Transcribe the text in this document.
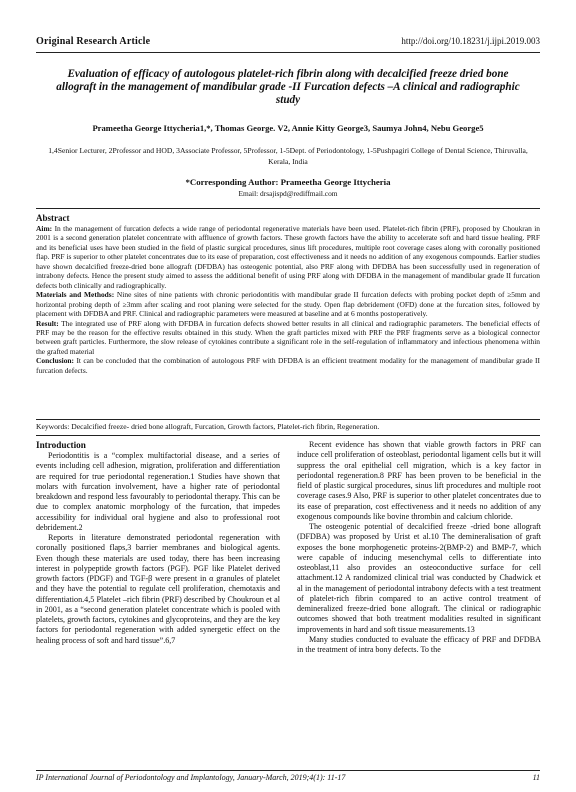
Original Research Article	http://doi.org/10.18231/j.ijpi.2019.003
Evaluation of efficacy of autologous platelet-rich fibrin along with decalcified freeze dried bone allograft in the management of mandibular grade -II Furcation defects –A clinical and radiographic study
Prameetha George Ittycheria1,*, Thomas George. V2, Annie Kitty George3, Saumya John4, Nebu George5
1,4Senior Lecturer, 2Professor and HOD, 3Associate Professor, 5Professor, 1-5Dept. of Periodontology, 1-5Pushpagiri College of Dental Science, Thiruvalla, Kerala, India
*Corresponding Author: Prameetha George Ittycheria
Email: drsajispd@rediffmail.com
Abstract

Aim: In the management of furcation defects a wide range of periodontal regenerative materials have been used. Platelet-rich fibrin (PRF), proposed by Choukran in 2001 is a second generation platelet concentrate with affluence of growth factors. These growth factors have the ability to accelerate soft and hard tissue healing. PRF and its beneficial uses have been studied in the field of plastic surgical procedures, sinus lift procedures, multiple root coverage cases along with coronally positioned flap. PRF is superior to other platelet concentrates due to its ease of preparation, cost effectiveness and it needs no addition of any exogenous compounds. Earlier studies have shown decalcified freeze-dried bone allograft (DFDBA) has osteogenic potential, also PRF along with DFDBA has been successfully used in regeneration of intrabony defects. Hence the present study aimed to assess the additional benefit of using PRF along with DFDBA in the management of mandibular grade II furcation defects both clinically and radiographically.

Materials and Methods: Nine sites of nine patients with chronic periodontitis with mandibular grade II furcation defects with probing pocket depth of ≥5mm and horizontal probing depth of ≥3mm after scaling and root planing were selected for the study. Open flap debridement (OFD) done at the furcation sites, followed by placement with DFDBA and PRF. Clinical and radiographic parameters were measured at baseline and at 6 months postoperatively.

Result: The integrated use of PRF along with DFDBA in furcation defects showed better results in all clinical and radiographic parameters. The beneficial effects of PRF may be the reason for the effective results obtained in this study. When the graft particles mixed with PRF the PRF fragments serve as a biological connector between graft particles. Furthermore, the slow release of cytokines contribute a significant role in the self-regulation of inflammatory and infectious phenomena within the grafted material

Conclusion: It can be concluded that the combination of autologous PRF with DFDBA is an efficient treatment modality for the management of mandibular grade II furcation defects.

Keywords: Decalcified freeze- dried bone allograft, Furcation, Growth factors, Platelet-rich fibrin, Regeneration.
Introduction

Periodontitis is a “complex multifactorial disease, and a series of events including cell adhesion, migration, proliferation and differentiation are required for true periodontal regeneration.1 Studies have shown that molars with furcation involvement, have a higher rate of periodontal breakdown and respond less favourably to periodontal therapy. This can be due to complex anatomic morphology of the furcation, that impedes accessibility for individual oral hygiene and also to professional root debridement.2

Reports in literature demonstrated periodontal regeneration with coronally positioned flaps,3 barrier membranes and biological agents. Even though these materials are used today, there has been increasing interest in polypeptide growth factors (PGF). PGF like Platelet derived growth factors (PDGF) and TGF-β were present in α granules of platelet and they have the potential to regulate cell proliferation, chemotaxis and differentiation.4,5 Platelet –rich fibrin (PRF) described by Choukroun et al in 2001, as a “second generation platelet concentrate which is pooled with platelets, growth factors, cytokines and glycoproteins, and they are the key factors for periodontal regeneration with added synergetic effect on the healing process of soft and hard tissue”.6,7

Recent evidence has shown that viable growth factors in PRF can induce cell proliferation of osteoblast, periodontal ligament cells but it will suppress the oral epithelial cell migration, which is a key factor in periodontal regeneration.8 PRF has been proven to be beneficial in the field of plastic surgical procedures, sinus lift procedures and multiple root coverage cases.9 Also, PRF is superior to other platelet concentrates due to its ease of preparation, cost effectiveness and it needs no addition of any exogenous compounds like bovine thrombin and calcium chloride.

The osteogenic potential of decalcified freeze -dried bone allograft (DFDBA) was proposed by Urist et al.10 The demineralisation of graft exposes the bone morphogenetic proteins-2(BMP-2) and BMP-7, which were capable of inducing mesenchymal cells to differentiate into osteoblast,11 also provides an osteoconductive surface for cell attachment.12 A randomized clinical trial was conducted by Chadwick et al in the management of periodontal intrabony defects with a test treatment of platelet-rich fibrin compared to an active control treatment of demineralized freeze-dried bone allograft. The clinical or radiographic outcomes showed that both treatment modalities resulted in significant improvements in hard and soft tissue measurements.13

Many studies conducted to evaluate the efficacy of PRF and DFDBA in the treatment of intra bony defects. To the

IP International Journal of Periodontology and Implantology, January-March, 2019;4(1): 11-17	11
